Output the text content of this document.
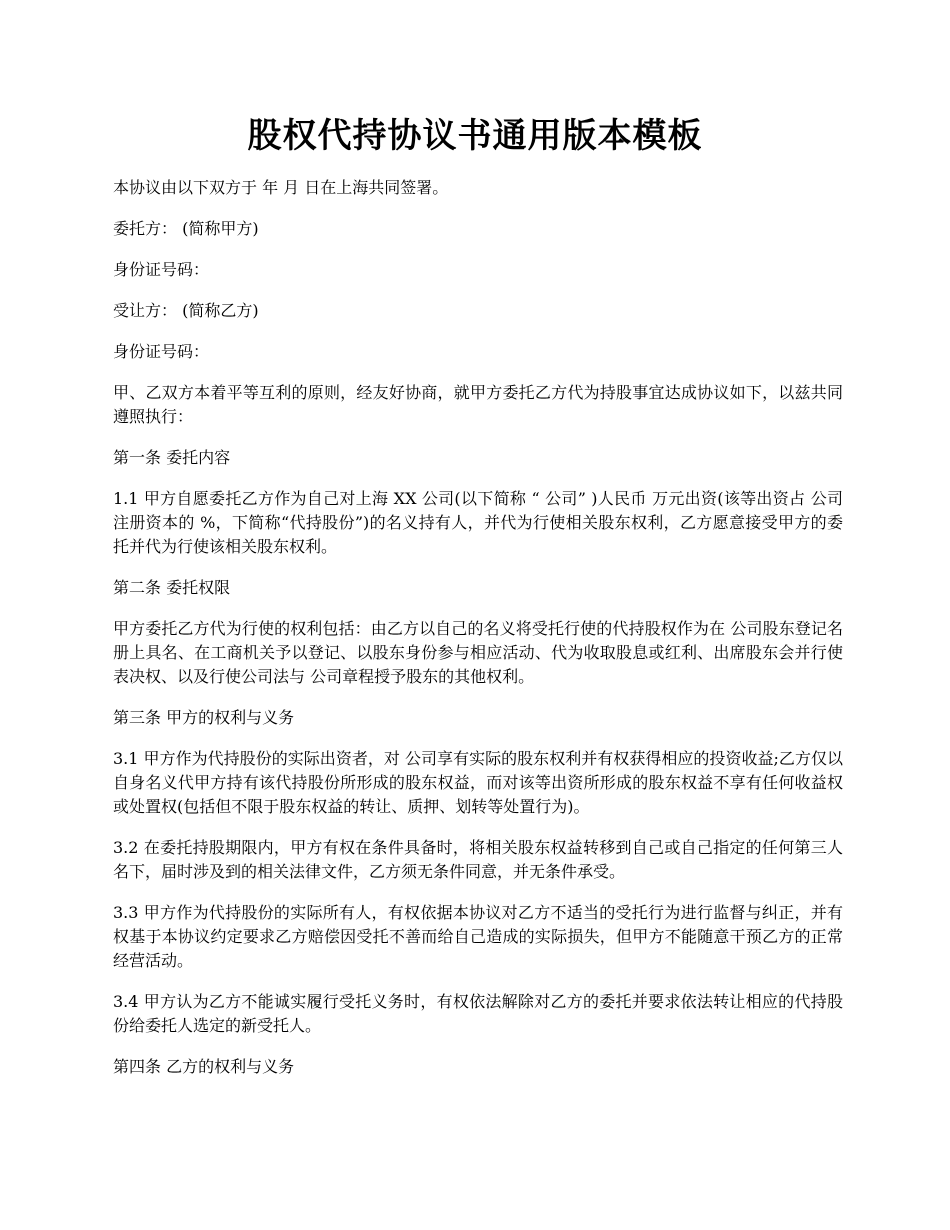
股权代持协议书通用版本模板

本协议由以下双方于 年 月 日在上海共同签署。

委托方： (简称甲方)

身份证号码：

受让方： (简称乙方)

身份证号码：

甲、乙双方本着平等互利的原则，经友好协商，就甲方委托乙方代为持股事宜达成协议如下，以兹共同遵照执行：

第一条 委托内容

1.1 甲方自愿委托乙方作为自己对上海 XX 公司(以下简称 “ 公司” )人民币 万元出资(该等出资占 公司注册资本的 %，下简称“代持股份”)的名义持有人，并代为行使相关股东权利，乙方愿意接受甲方的委托并代为行使该相关股东权利。

第二条 委托权限

甲方委托乙方代为行使的权利包括：由乙方以自己的名义将受托行使的代持股权作为在 公司股东登记名册上具名、在工商机关予以登记、以股东身份参与相应活动、代为收取股息或红利、出席股东会并行使表决权、以及行使公司法与 公司章程授予股东的其他权利。

第三条 甲方的权利与义务

3.1 甲方作为代持股份的实际出资者，对 公司享有实际的股东权利并有权获得相应的投资收益;乙方仅以自身名义代甲方持有该代持股份所形成的股东权益，而对该等出资所形成的股东权益不享有任何收益权或处置权(包括但不限于股东权益的转让、质押、划转等处置行为)。

3.2 在委托持股期限内，甲方有权在条件具备时，将相关股东权益转移到自己或自己指定的任何第三人名下，届时涉及到的相关法律文件，乙方须无条件同意，并无条件承受。

3.3 甲方作为代持股份的实际所有人，有权依据本协议对乙方不适当的受托行为进行监督与纠正，并有权基于本协议约定要求乙方赔偿因受托不善而给自己造成的实际损失，但甲方不能随意干预乙方的正常经营活动。

3.4 甲方认为乙方不能诚实履行受托义务时，有权依法解除对乙方的委托并要求依法转让相应的代持股份给委托人选定的新受托人。

第四条 乙方的权利与义务
